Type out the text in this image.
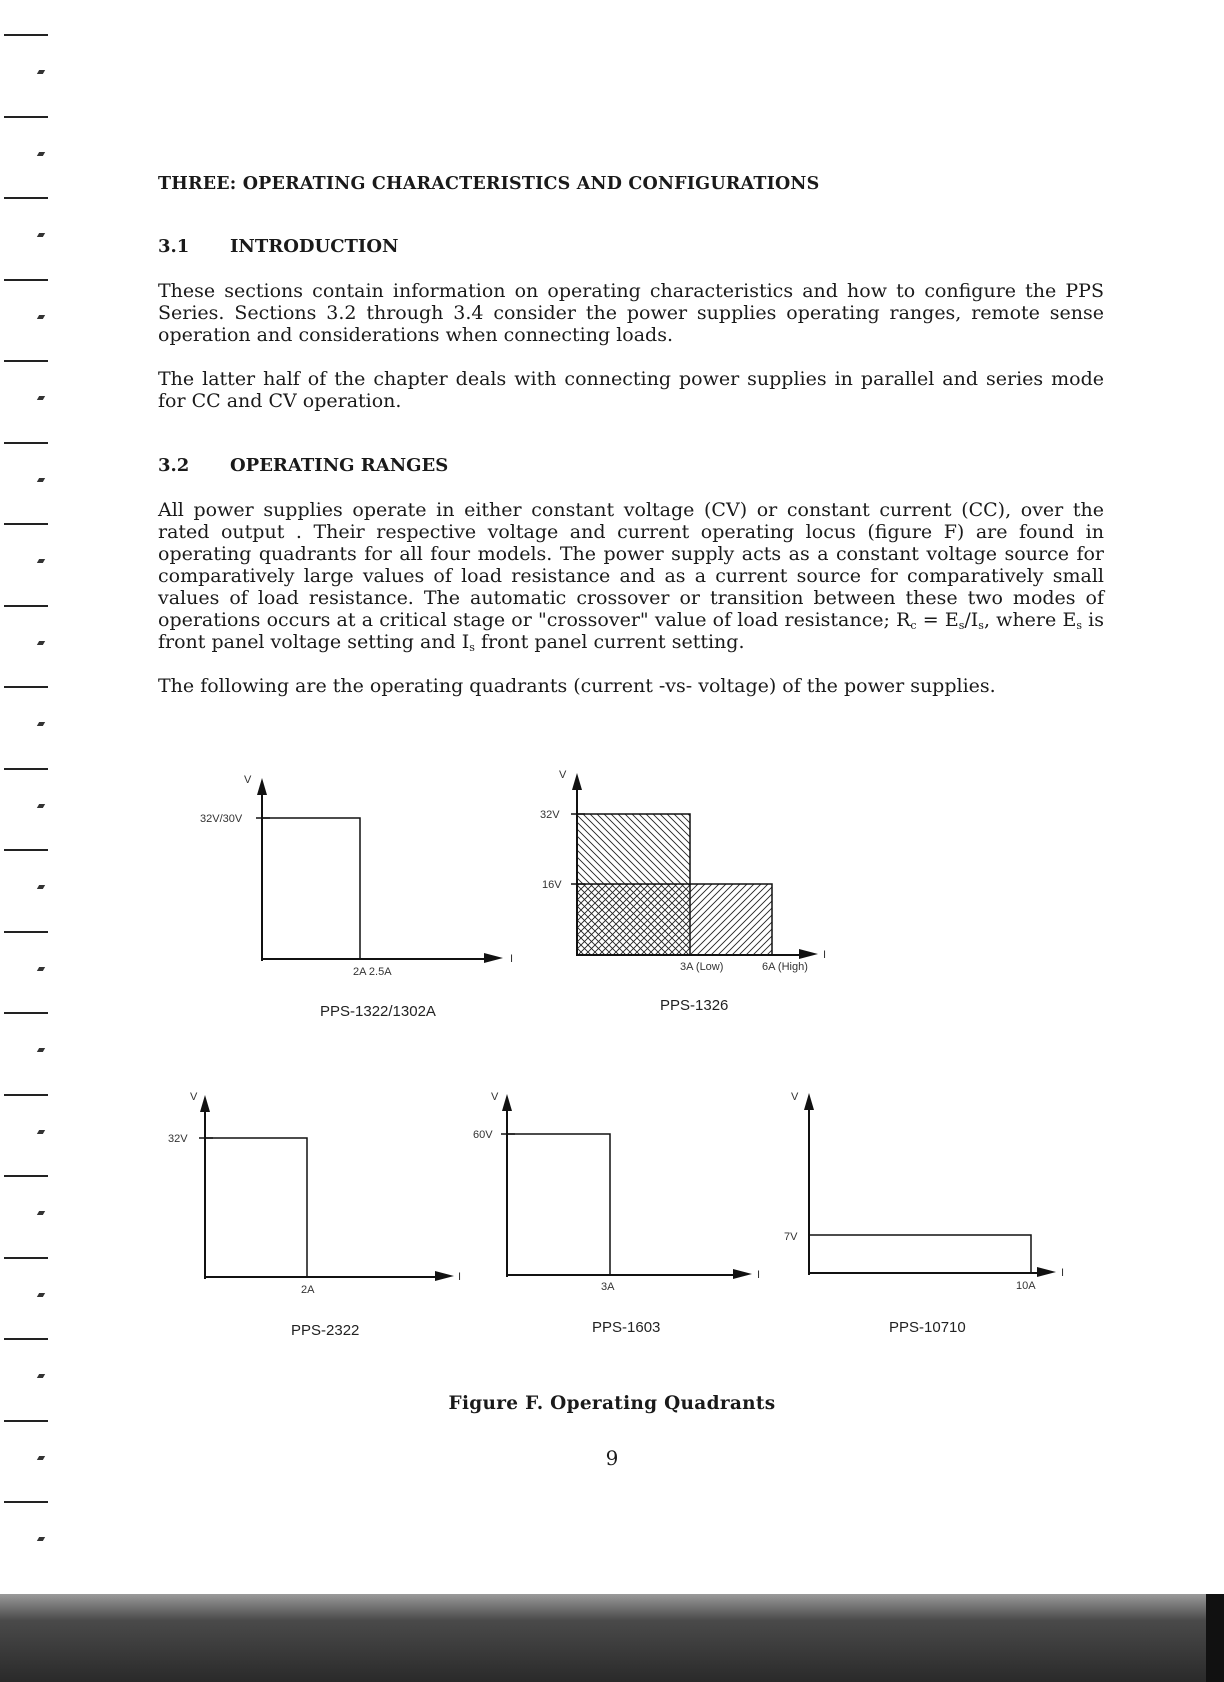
THREE: OPERATING CHARACTERISTICS AND CONFIGURATIONS
3.1 INTRODUCTION

These sections contain information on operating characteristics and how to configure the PPS Series. Sections 3.2 through 3.4 consider the power supplies operating ranges, remote sense operation and considerations when connecting loads.

The latter half of the chapter deals with connecting power supplies in parallel and series mode for CC and CV operation.

3.2 OPERATING RANGES

All power supplies operate in either constant voltage (CV) or constant current (CC), over the rated output . Their respective voltage and current operating locus (figure F) are found in operating quadrants for all four models. The power supply acts as a constant voltage source for comparatively large values of load resistance and as a current source for comparatively small values of load resistance. The automatic crossover or transition between these two modes of operations occurs at a critical stage or "crossover" value of load resistance; $R_c = E_s/I_s$, where $E_s$ is front panel voltage setting and $I_s$ front panel current setting.

The following are the operating quadrants (current -vs- voltage) of the power supplies.

V
I
32V/30V
2A 2.5A
PPS-1322/1302A
V
I
32V
16V
3A (Low)	6A (High)
PPS-1326
V
I
32V
2A
PPS-2322
V
I
60V
3A
PPS-1603
V
I
7V
10A
PPS-10710
Figure F. Operating Quadrants
9
